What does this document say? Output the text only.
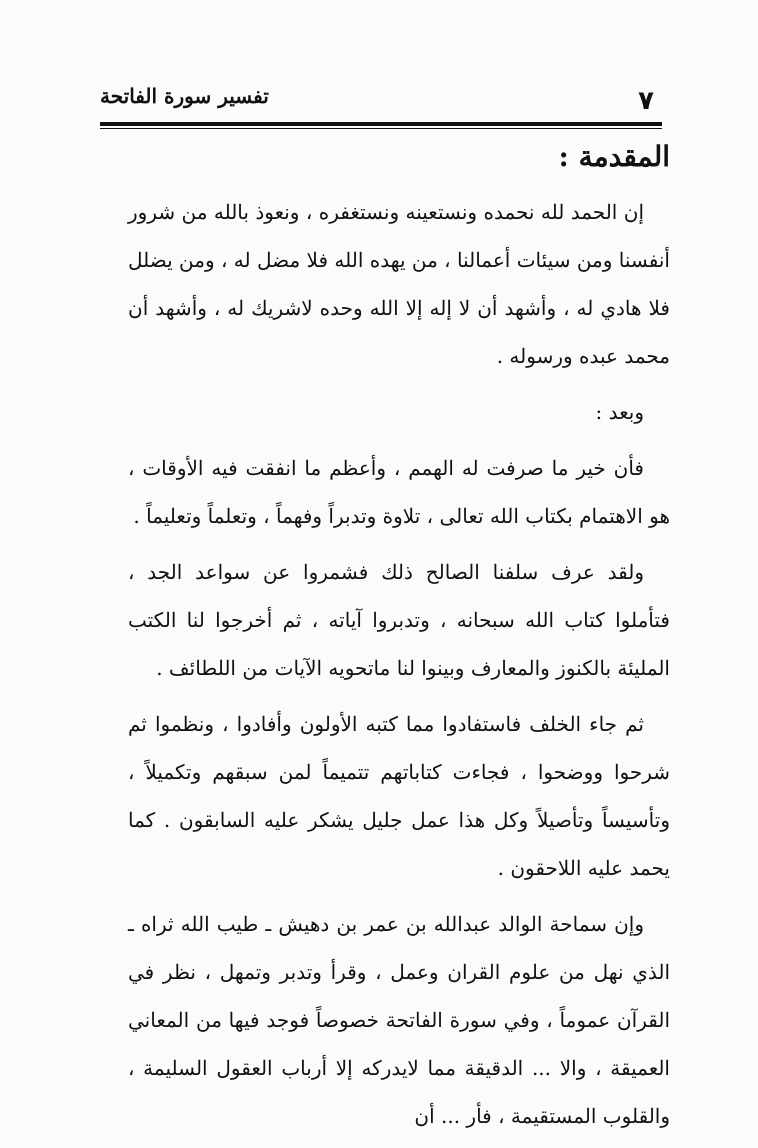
تفسير سورة الفاتحة	٧
المقدمة :

إن الحمد لله نحمده ونستعينه ونستغفره ، ونعوذ بالله من شرور أنفسنا ومن سيئات أعمالنا ، من يهده الله فلا مضل له ، ومن يضلل فلا هادي له ، وأشهد أن لا إله إلا الله وحده لاشريك له ، وأشهد أن محمد عبده ورسوله .

وبعد :

فأن خير ما صرفت له الهمم ، وأعظم ما انفقت فيه الأوقات ، هو الاهتمام بكتاب الله تعالى ، تلاوة وتدبراً وفهماً ، وتعلماً وتعليماً .

ولقد عرف سلفنا الصالح ذلك فشمروا عن سواعد الجد ، فتأملوا كتاب الله سبحانه ، وتدبروا آياته ، ثم أخرجوا لنا الكتب المليئة بالكنوز والمعارف وبينوا لنا ماتحويه الآيات من اللطائف .

ثم جاء الخلف فاستفادوا مما كتبه الأولون وأفادوا ، ونظموا ثم شرحوا ووضحوا ، فجاءت كتاباتهم تتميماً لمن سبقهم وتكميلاً ، وتأسيساً وتأصيلاً وكل هذا عمل جليل يشكر عليه السابقون . كما يحمد عليه اللاحقون .

وإن سماحة الوالد عبدالله بن عمر بن دهيش ـ طيب الله ثراه ـ الذي نهل من علوم القران وعمل ، وقرأ وتدبر وتمهل ، نظر في القرآن عموماً ، وفي سورة الفاتحة خصوصاً فوجد فيها من المعاني العميقة ، والا ... الدقيقة مما لايدركه إلا أرباب العقول السليمة ، والقلوب المستقيمة ، فأر ... أن
